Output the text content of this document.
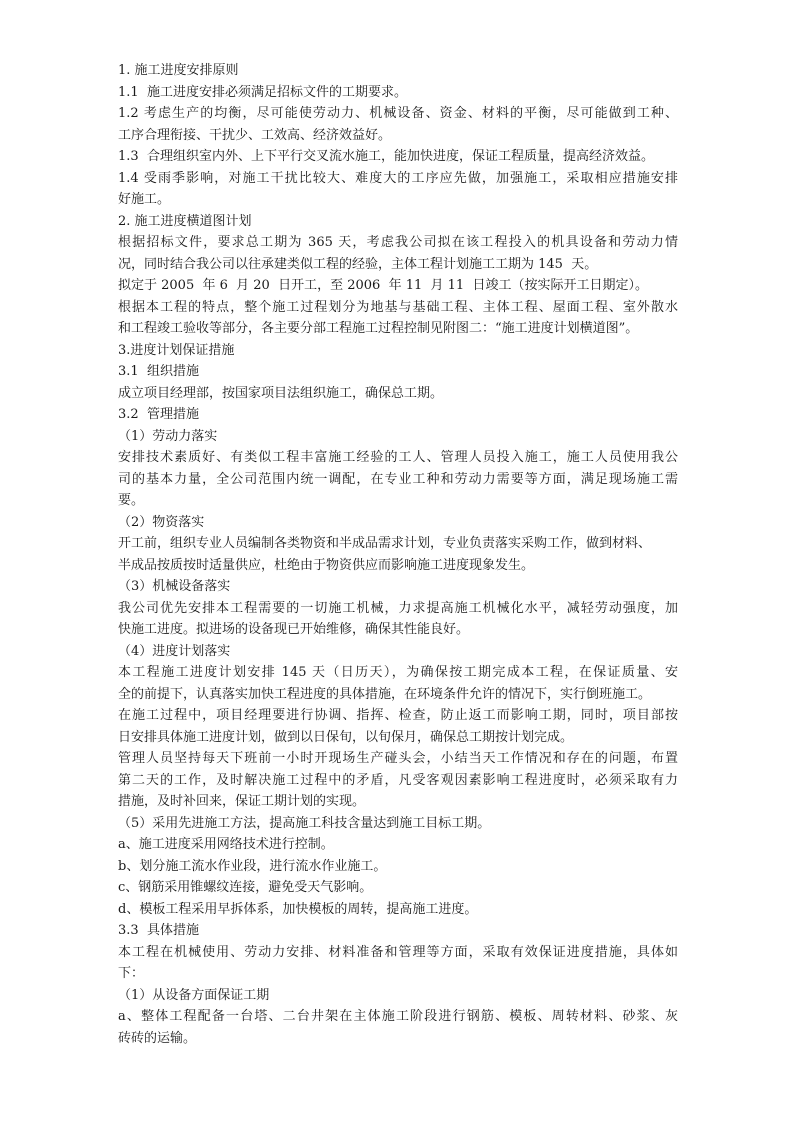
1. 施工进度安排原则

1.1  施工进度安排必须满足招标文件的工期要求。

1.2 考虑生产的均衡，尽可能使劳动力、机械设备、资金、材料的平衡，尽可能做到工种、

工序合理衔接、干扰少、工效高、经济效益好。

1.3  合理组织室内外、上下平行交叉流水施工，能加快进度，保证工程质量，提高经济效益。

1.4 受雨季影响，对施工干扰比较大、难度大的工序应先做，加强施工，采取相应措施安排

好施工。

2. 施工进度横道图计划

根据招标文件，要求总工期为 365 天，考虑我公司拟在该工程投入的机具设备和劳动力情

况，同时结合我公司以往承建类似工程的经验，主体工程计划施工工期为 145  天。

拟定于 2005  年 6  月 20  日开工，至 2006  年 11  月 11  日竣工（按实际开工日期定）。

根据本工程的特点，整个施工过程划分为地基与基础工程、主体工程、屋面工程、室外散水

和工程竣工验收等部分，各主要分部工程施工过程控制见附图二：“施工进度计划横道图”。

3.进度计划保证措施

3.1  组织措施

成立项目经理部，按国家项目法组织施工，确保总工期。

3.2  管理措施

（1）劳动力落实

安排技术素质好、有类似工程丰富施工经验的工人、管理人员投入施工，施工人员使用我公

司的基本力量，全公司范围内统一调配，在专业工种和劳动力需要等方面，满足现场施工需

要。

（2）物资落实

开工前，组织专业人员编制各类物资和半成品需求计划，专业负责落实采购工作，做到材料、

半成品按质按时适量供应，杜绝由于物资供应而影响施工进度现象发生。

（3）机械设备落实

我公司优先安排本工程需要的一切施工机械，力求提高施工机械化水平，减轻劳动强度，加

快施工进度。拟进场的设备现已开始维修，确保其性能良好。

（4）进度计划落实

本工程施工进度计划安排 145 天（日历天），为确保按工期完成本工程，在保证质量、安

全的前提下，认真落实加快工程进度的具体措施，在环境条件允许的情况下，实行倒班施工。

在施工过程中，项目经理要进行协调、指挥、检查，防止返工而影响工期，同时，项目部按

日安排具体施工进度计划，做到以日保旬，以旬保月，确保总工期按计划完成。

管理人员坚持每天下班前一小时开现场生产碰头会，小结当天工作情况和存在的问题，布置

第二天的工作，及时解决施工过程中的矛盾，凡受客观因素影响工程进度时，必须采取有力

措施，及时补回来，保证工期计划的实现。

（5）采用先进施工方法，提高施工科技含量达到施工目标工期。

a、施工进度采用网络技术进行控制。

b、划分施工流水作业段，进行流水作业施工。

c、钢筋采用锥螺纹连接，避免受天气影响。

d、模板工程采用早拆体系，加快模板的周转，提高施工进度。

3.3  具体措施

本工程在机械使用、劳动力安排、材料准备和管理等方面，采取有效保证进度措施，具体如

下：

（1）从设备方面保证工期

a、整体工程配备一台塔、二台井架在主体施工阶段进行钢筋、模板、周转材料、砂浆、灰

砖砖的运输。
